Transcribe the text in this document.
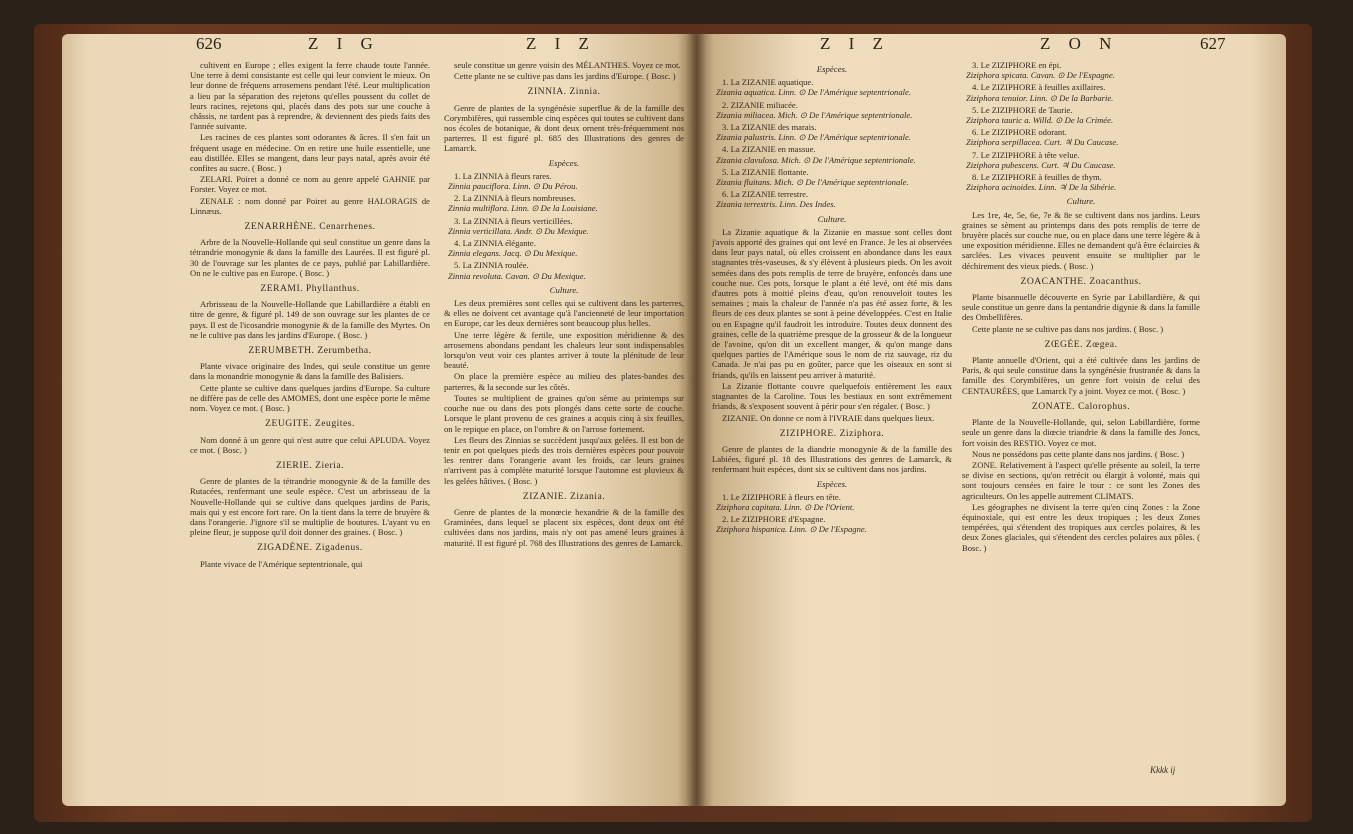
626	Z I G	Z I Z	Z I Z	Z O N	627

cultivent en Europe ; elles exigent la ferre chaude toute l'année. Une terre à demi consistante est celle qui leur convient le mieux. On leur donne de fréquens arrosemens pendant l'été. Leur multiplication a lieu par la séparation des rejetons qu'elles poussent du collet de leurs racines, rejetons qui, placés dans des pots sur une couche à châssis, ne tardent pas à reprendre, & deviennent des pieds faits des l'année suivante.

Les racines de ces plantes sont odorantes & âcres. Il s'en fait un fréquent usage en médecine. On en retire une huile essentielle, une eau distillée. Elles se mangent, dans leur pays natal, après avoir été confites au sucre. ( Bosc. )

ZELARI. Poiret a donné ce nom au genre appelé GAHNIE par Forster. Voyez ce mot.

ZENALE : nom donné par Poiret au genre HALORAGIS de Linnæus.

ZENARRHÈNE. Cenarrhenes.

Arbre de la Nouvelle-Hollande qui seul constitue un genre dans la tétrandrie monogynie & dans la famille des Laurées. Il est figuré pl. 30 de l'ouvrage sur les plantes de ce pays, publié par Labillardière. On ne le cultive pas en Europe. ( Bosc. )

ZERAMI. Phyllanthus.

Arbrisseau de la Nouvelle-Hollande que Labillardière a établi en titre de genre, & figuré pl. 149 de son ouvrage sur les plantes de ce pays. Il est de l'icosandrie monogynie & de la famille des Myrtes. On ne le cultive pas dans les jardins d'Europe. ( Bosc. )

ZERUMBETH. Zerumbetha.

Plante vivace originaire des Indes, qui seule constitue un genre dans la monandrie monogynie & dans la famille des Balisiers.

Cette plante se cultive dans quelques jardins d'Europe. Sa culture ne diffère pas de celle des AMOMES, dont une espèce porte le même nom. Voyez ce mot. ( Bosc. )

ZEUGITE. Zeugites.

Nom donné à un genre qui n'est autre que celui APLUDA. Voyez ce mot. ( Bosc. )

ZIERIE. Zieria.

Genre de plantes de la tétrandrie monogynie & de la famille des Rutacées, renfermant une seule espèce. C'est un arbrisseau de la Nouvelle-Hollande qui se cultive dans quelques jardins de Paris, mais qui y est encore fort rare. On la tient dans la terre de bruyère & dans l'orangerie. J'ignore s'il se multiplie de boutures. L'ayant vu en pleine fleur, je suppose qu'il doit donner des graines. ( Bosc. )

ZIGADÈNE. Zigadenus.

Plante vivace de l'Amérique septentrionale, qui

seule constitue un genre voisin des MÉLANTHES. Voyez ce mot.

Cette plante ne se cultive pas dans les jardins d'Europe. ( Bosc. )

ZINNIA. Zinnia.

Genre de plantes de la syngénésie superflue & de la famille des Corymbifères, qui rassemble cinq espèces qui toutes se cultivent dans nos écoles de botanique, & dont deux ornent très-fréquemment nos parterres. Il est figuré pl. 685 des Illustrations des genres de Lamarck.

Espèces.
1. La ZINNIA à fleurs rares.
Zinnia pauciflora. Linn. ⊙ Du Pérou.
2. La ZINNIA à fleurs nombreuses.
Zinnia multiflora. Linn. ⊙ De la Louisiane.
3. La ZINNIA à fleurs verticillées.
Zinnia verticillata. Andr. ⊙ Du Mexique.
4. La ZINNIA élégante.
Zinnia elegans. Jacq. ⊙ Du Mexique.
5. La ZINNIA roulée.
Zinnia revoluta. Cavan. ⊙ Du Mexique.
Culture.

Les deux premières sont celles qui se cultivent dans les parterres, & elles ne doivent cet avantage qu'à l'ancienneté de leur importation en Europe, car les deux dernières sont beaucoup plus belles.

Une terre légère & fertile, une exposition méridienne & des arrosemens abondans pendant les chaleurs leur sont indispensables lorsqu'on veut voir ces plantes arriver à toute la plénitude de leur beauté.

On place la première espèce au milieu des plates-bandes des parterres, & la seconde sur les côtés.

Toutes se multiplient de graines qu'on sème au printemps sur couche nue ou dans des pots plongés dans cette sorte de couche. Lorsque le plant provenu de ces graines a acquis cinq à six feuilles, on le repique en place, on l'ombre & on l'arrose fortement.

Les fleurs des Zinnias se succèdent jusqu'aux gelées. Il est bon de tenir en pot quelques pieds des trois dernières espèces pour pouvoir les rentrer dans l'orangerie avant les froids, car leurs graines n'arrivent pas à complète maturité lorsque l'automne est pluvieux & les gelées hâtives. ( Bosc. )

ZIZANIE. Zizania.

Genre de plantes de la monœcie hexandrie & de la famille des Graminées, dans lequel se placent six espèces, dont deux ont été cultivées dans nos jardins, mais n'y ont pas amené leurs graines à maturité. Il est figuré pl. 768 des Illustrations des genres de Lamarck.

Espèces.
1. La ZIZANIE aquatique.
Zizania aquatica. Linn. ⊙ De l'Amérique septentrionale.
2. ZIZANIE miliacée.
Zizania miliacea. Mich. ⊙ De l'Amérique septentrionale.
3. La ZIZANIE des marais.
Zizania palustris. Linn. ⊙ De l'Amérique septentrionale.
4. La ZIZANIE en massue.
Zizania clavulosa. Mich. ⊙ De l'Amérique septentrionale.
5. La ZIZANIE flottante.
Zizania fluitans. Mich. ⊙ De l'Amérique septentrionale.
6. La ZIZANIE terrestre.
Zizania terrestris. Linn. Des Indes.
Culture.

La Zizanie aquatique & la Zizanie en massue sont celles dont j'avois apporté des graines qui ont levé en France. Je les ai observées dans leur pays natal, où elles croissent en abondance dans les eaux stagnantes très-vaseuses, & s'y élèvent à plusieurs pieds. On les avoit semées dans des pots remplis de terre de bruyère, enfoncés dans une couche nue. Ces pots, lorsque le plant a été levé, ont été mis dans d'autres pots à moitié pleins d'eau, qu'on renouveloit toutes les semaines ; mais la chaleur de l'année n'a pas été assez forte, & les fleurs de ces deux plantes se sont à peine développées. C'est en Italie ou en Espagne qu'il faudroit les introduire. Toutes deux donnent des graines, celle de la quatrième presque de la grosseur & de la longueur de l'avoine, qu'on dit un excellent manger, & qu'on mange dans quelques parties de l'Amérique sous le nom de riz sauvage, riz du Canada. Je n'ai pas pu en goûter, parce que les oiseaux en sont si friands, qu'ils en laissent peu arriver à maturité.

La Zizanie flottante couvre quelquefois entièrement les eaux stagnantes de la Caroline. Tous les bestiaux en sont extrêmement friands, & s'exposent souvent à périr pour s'en régaler. ( Bosc. )

ZIZANIE. On donne ce nom à l'IVRAIE dans quelques lieux.

ZIZIPHORE. Ziziphora.

Genre de plantes de la diandrie monogynie & de la famille des Labiées, figuré pl. 18 des Illustrations des genres de Lamarck, & renfermant huit espèces, dont six se cultivent dans nos jardins.

Espèces.
1. Le ZIZIPHORE à fleurs en tête.
Ziziphora capitata. Linn. ⊙ De l'Orient.
2. Le ZIZIPHORE d'Espagne.
Ziziphora hispanica. Linn. ⊙ De l'Espagne.
3. Le ZIZIPHORE en épi.
Ziziphora spicata. Cavan. ⊙ De l'Espagne.
4. Le ZIZIPHORE à feuilles axillaires.
Ziziphora tenuior. Linn. ⊙ De la Barbarie.
5. Le ZIZIPHORE de Taurie.
Ziziphora tauric a. Willd. ⊙ De la Crimée.
6. Le ZIZIPHORE odorant.
Ziziphora serpillacea. Curt. ♃ Du Caucase.
7. Le ZIZIPHORE à tête velue.
Ziziphora pubescens. Curt. ♃ Du Caucase.
8. Le ZIZIPHORE à feuilles de thym.
Ziziphora acinoides. Linn. ♃ De la Sibérie.
Culture.

Les 1re, 4e, 5e, 6e, 7e & 8e se cultivent dans nos jardins. Leurs graines se sèment au printemps dans des pots remplis de terre de bruyère placés sur couche nue, ou en place dans une terre légère & à une exposition méridienne. Elles ne demandent qu'à être éclaircies & sarclées. Les vivaces peuvent ensuite se multiplier par le déchirement des vieux pieds. ( Bosc. )

ZOACANTHE. Zoacanthus.

Plante bisannuelle découverte en Syrie par Labillardière, & qui seule constitue un genre dans la pentandrie digynie & dans la famille des Ombellifères.

Cette plante ne se cultive pas dans nos jardins. ( Bosc. )

ZŒGÉE. Zœgea.

Plante annuelle d'Orient, qui a été cultivée dans les jardins de Paris, & qui seule constitue dans la syngénésie frustranée & dans la famille des Corymbifères, un genre fort voisin de celui des CENTAURÉES, que Lamarck l'y a joint. Voyez ce mot. ( Bosc. )

ZONATE. Calorophus.

Plante de la Nouvelle-Hollande, qui, selon Labillardière, forme seule un genre dans la diœcie triandrie & dans la famille des Joncs, fort voisin des RESTIO. Voyez ce mot.

Nous ne possédons pas cette plante dans nos jardins. ( Bosc. )

ZONE. Relativement à l'aspect qu'elle présente au soleil, la terre se divise en sections, qu'on retrécit ou élargit à volonté, mais qui sont toujours censées en faire le tour : ce sont les Zones des agriculteurs. On les appelle autrement CLIMATS.

Les géographes ne divisent la terre qu'en cinq Zones : la Zone équinoxiale, qui est entre les deux tropiques ; les deux Zones tempérées, qui s'étendent des tropiques aux cercles polaires, & les deux Zones glaciales, qui s'étendent des cercles polaires aux pôles. ( Bosc. )

Kkkk ij
